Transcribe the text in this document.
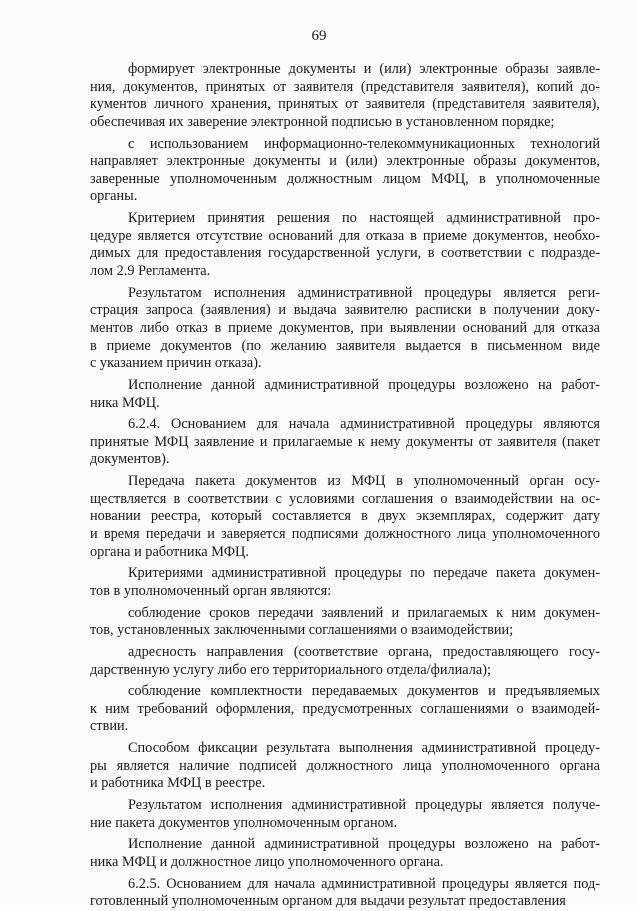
69
формирует электронные документы и (или) электронные образы заявле-
ния, документов, принятых от заявителя (представителя заявителя), копий до-
кументов личного хранения, принятых от заявителя (представителя заявителя),
обеспечивая их заверение электронной подписью в установленном порядке;
с использованием информационно-телекоммуникационных технологий
направляет электронные документы и (или) электронные образы документов,
заверенные уполномоченным должностным лицом МФЦ, в уполномоченные
органы.
Критерием принятия решения по настоящей административной про-
цедуре является отсутствие оснований для отказа в приеме документов, необхо-
димых для предоставления государственной услуги, в соответствии с подразде-
лом 2.9 Регламента.
Результатом исполнения административной процедуры является реги-
страция запроса (заявления) и выдача заявителю расписки в получении доку-
ментов либо отказ в приеме документов, при выявлении оснований для отказа
в приеме документов (по желанию заявителя выдается в письменном виде
с указанием причин отказа).
Исполнение данной административной процедуры возложено на работ-
ника МФЦ.
6.2.4. Основанием для начала административной процедуры являются
принятые МФЦ заявление и прилагаемые к нему документы от заявителя (пакет
документов).
Передача пакета документов из МФЦ в уполномоченный орган осу-
ществляется в соответствии с условиями соглашения о взаимодействии на ос-
новании реестра, который составляется в двух экземплярах, содержит дату
и время передачи и заверяется подписями должностного лица уполномоченного
органа и работника МФЦ.
Критериями административной процедуры по передаче пакета докумен-
тов в уполномоченный орган являются:
соблюдение сроков передачи заявлений и прилагаемых к ним докумен-
тов, установленных заключенными соглашениями о взаимодействии;
адресность направления (соответствие органа, предоставляющего госу-
дарственную услугу либо его территориального отдела/филиала);
соблюдение комплектности передаваемых документов и предъявляемых
к ним требований оформления, предусмотренных соглашениями о взаимодей-
ствии.
Способом фиксации результата выполнения административной процеду-
ры является наличие подписей должностного лица уполномоченного органа
и работника МФЦ в реестре.
Результатом исполнения административной процедуры является получе-
ние пакета документов уполномоченным органом.
Исполнение данной административной процедуры возложено на работ-
ника МФЦ и должностное лицо уполномоченного органа.
6.2.5. Основанием для начала административной процедуры является под-
готовленный уполномоченным органом для выдачи результат предоставления
